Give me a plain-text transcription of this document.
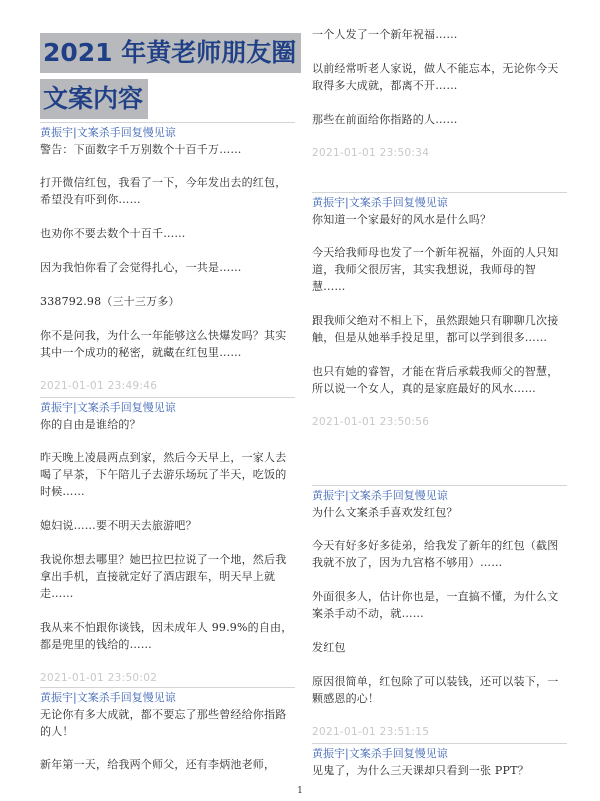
2021 年黄老师朋友圈
文案内容
黄振宇|文案杀手回复慢见谅

警告：下面数字千万别数个十百千万……

打开微信红包，我看了一下，今年发出去的红包，希望没有吓到你……

也劝你不要去数个十百千……

因为我怕你看了会觉得扎心，一共是……

338792.98（三十三万多）

你不是问我，为什么一年能够这么快爆发吗？其实其中一个成功的秘密，就藏在红包里……

2021-01-01 23:49:46
黄振宇|文案杀手回复慢见谅

你的自由是谁给的？

昨天晚上凌晨两点到家，然后今天早上，一家人去喝了早茶，下午陪儿子去游乐场玩了半天，吃饭的时候……

媳妇说……要不明天去旅游吧？

我说你想去哪里？她巴拉巴拉说了一个地，然后我拿出手机，直接就定好了酒店跟车，明天早上就走……

我从来不怕跟你谈钱，因未成年人 99.9%的自由，都是兜里的钱给的……

2021-01-01 23:50:02
黄振宇|文案杀手回复慢见谅

无论你有多大成就，都不要忘了那些曾经给你指路的人！

新年第一天，给我两个师父，还有李炳池老师，

一个人发了一个新年祝福……

以前经常听老人家说，做人不能忘本，无论你今天取得多大成就，都离不开……

那些在前面给你指路的人……

2021-01-01 23:50:34
黄振宇|文案杀手回复慢见谅

你知道一个家最好的风水是什么吗？

今天给我师母也发了一个新年祝福，外面的人只知道，我师父很厉害，其实我想说，我师母的智慧……

跟我师父绝对不相上下，虽然跟她只有聊聊几次接触，但是从她举手投足里，都可以学到很多……

也只有她的睿智，才能在背后承载我师父的智慧，所以说一个女人，真的是家庭最好的风水……

2021-01-01 23:50:56
黄振宇|文案杀手回复慢见谅

为什么文案杀手喜欢发红包？

今天有好多好多徒弟，给我发了新年的红包（截图我就不放了，因为九宫格不够用）……

外面很多人，估计你也是，一直搞不懂，为什么文案杀手动不动，就……

发红包

原因很简单，红包除了可以装钱，还可以装下，一颗感恩的心！

2021-01-01 23:51:15
黄振宇|文案杀手回复慢见谅

见鬼了，为什么三天课却只看到一张 PPT？

1
